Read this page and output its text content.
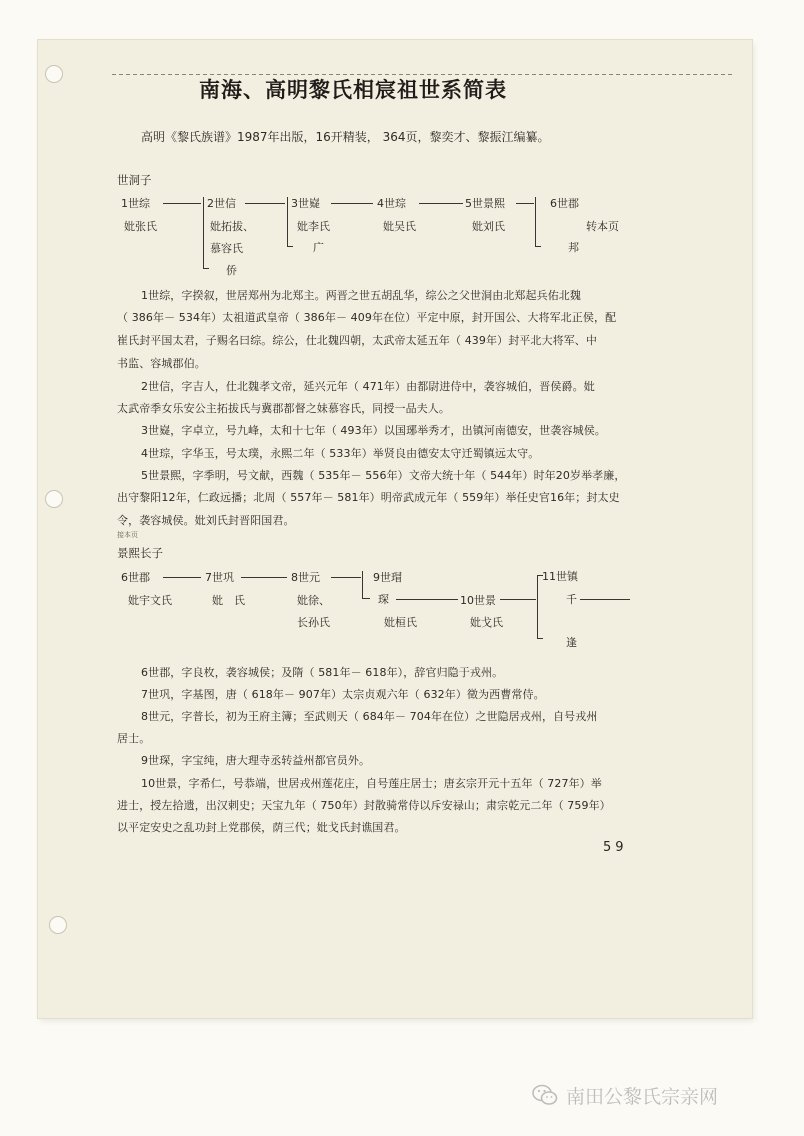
南海、高明黎氏相宸祖世系简表
高明《黎氏族谱》1987年出版，16开精装， 364页，黎奕才、黎振江编纂。
世洞子
1世综
妣张氏
2世信
妣拓拔、
慕容氏
侨
3世嶷
妣李氏
广
4世琮
妣吴氏
5世景熙
妣刘氏
6世郡
转本页
邦
1世综，字揆叙，世居郑州为北郑主。两晋之世五胡乱华，综公之父世洞由北郑起兵佑北魏
（ 386年－ 534年）太祖道武皇帝（ 386年－ 409年在位）平定中原，封开国公、大将军北正侯，配
崔氏封平国太君，子赐名曰综。综公，仕北魏四朝，太武帝太延五年（ 439年）封平北大将军、中
书监、容城郡伯。
2世信，字吉人，仕北魏孝文帝，延兴元年（ 471年）由都尉进侍中，袭容城伯，晋侯爵。妣
太武帝季女乐安公主拓拔氏与冀郡都督之妹慕容氏，同授一品夫人。
3世嶷，字卓立，号九峰，太和十七年（ 493年）以国琊举秀才，出镇河南德安，世袭容城侯。
4世琮，字华玉，号太璞，永熙二年（ 533年）举贤良由德安太守迁蜀镇远太守。
5世景熙，字季明，号文献，西魏（ 535年－ 556年）文帝大统十年（ 544年）时年20岁举孝廉，
出守黎阳12年，仁政远播；北周（ 557年－ 581年）明帝武成元年（ 559年）举任史官16年；封太史
令，袭容城侯。妣刘氏封晋阳国君。
接本页
景熙长子
6世郡
妣宇文氏
7世巩
妣　氏
8世元
妣徐、
长孙氏
9世瑁
琛
妣桓氏
10世景
妣戈氏
11世镇
千
逢
6世郡，字良枚，袭容城侯；及隋（ 581年－ 618年），辞官归隐于戎州。
7世巩，字基图，唐（ 618年－ 907年）太宗贞观六年（ 632年）徵为西曹常侍。
8世元，字普长，初为王府主簿；至武则天（ 684年－ 704年在位）之世隐居戎州，自号戎州
居士。
9世琛，字宝纯，唐大理寺丞转益州都官员外。
10世景，字希仁，号恭端，世居戎州莲花庄，自号莲庄居士；唐玄宗开元十五年（ 727年）举
进士，授左拾遗，出汉剌史；天宝九年（ 750年）封散骑常侍以斥安禄山；肃宗乾元二年（ 759年）
以平定安史之乱功封上党郡侯，荫三代；妣戈氏封谯国君。
59
南田公黎氏宗亲网
